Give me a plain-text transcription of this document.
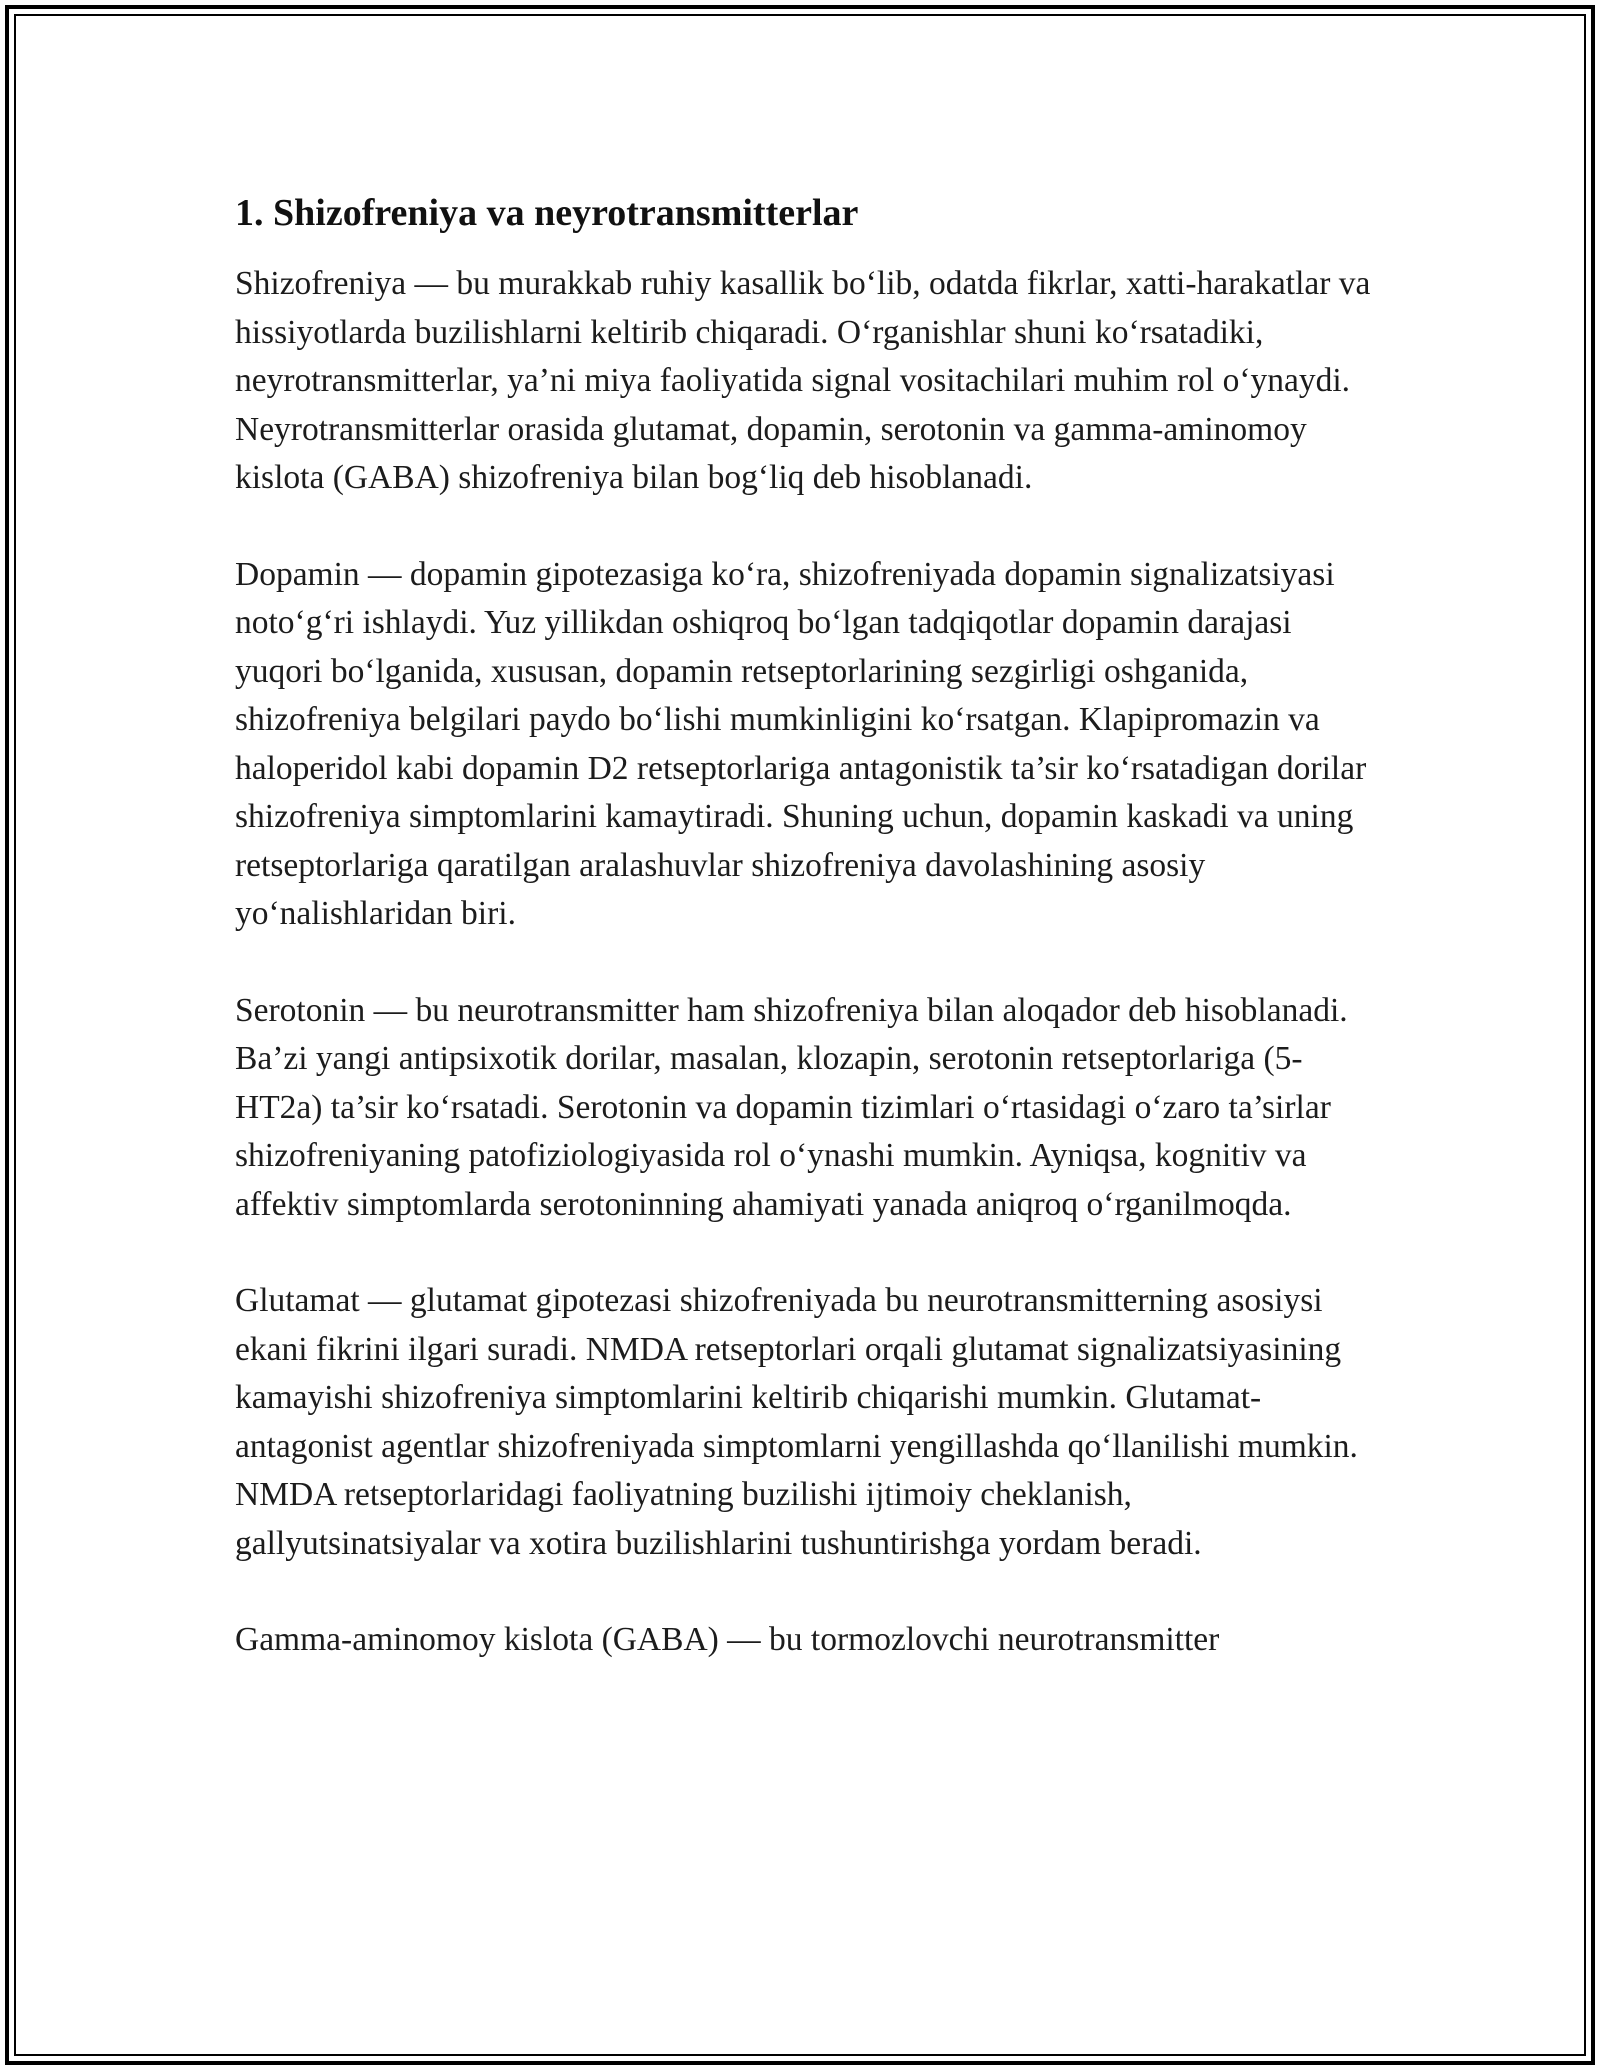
1. Shizofreniya va neyrotransmitterlar

Shizofreniya — bu murakkab ruhiy kasallik bo‘lib, odatda fikrlar, xatti-harakatlar va hissiyotlarda buzilishlarni keltirib chiqaradi. O‘rganishlar shuni ko‘rsatadiki, neyrotransmitterlar, ya’ni miya faoliyatida signal vositachilari muhim rol o‘ynaydi. Neyrotransmitterlar orasida glutamat, dopamin, serotonin va gamma-aminomoy kislota (GABA) shizofreniya bilan bog‘liq deb hisoblanadi.

Dopamin — dopamin gipotezasiga ko‘ra, shizofreniyada dopamin signalizatsiyasi noto‘g‘ri ishlaydi. Yuz yillikdan oshiqroq bo‘lgan tadqiqotlar dopamin darajasi yuqori bo‘lganida, xususan, dopamin retseptorlarining sezgirligi oshganida, shizofreniya belgilari paydo bo‘lishi mumkinligini ko‘rsatgan. Klapipromazin va haloperidol kabi dopamin D2 retseptorlariga antagonistik ta’sir ko‘rsatadigan dorilar shizofreniya simptomlarini kamaytiradi. Shuning uchun, dopamin kaskadi va uning retseptorlariga qaratilgan aralashuvlar shizofreniya davolashining asosiy yo‘nalishlaridan biri.

Serotonin — bu neurotransmitter ham shizofreniya bilan aloqador deb hisoblanadi. Ba’zi yangi antipsixotik dorilar, masalan, klozapin, serotonin retseptorlariga (5-HT2a) ta’sir ko‘rsatadi. Serotonin va dopamin tizimlari o‘rtasidagi o‘zaro ta’sirlar shizofreniyaning patofiziologiyasida rol o‘ynashi mumkin. Ayniqsa, kognitiv va affektiv simptomlarda serotoninning ahamiyati yanada aniqroq o‘rganilmoqda.

Glutamat — glutamat gipotezasi shizofreniyada bu neurotransmitterning asosiysi ekani fikrini ilgari suradi. NMDA retseptorlari orqali glutamat signalizatsiyasining kamayishi shizofreniya simptomlarini keltirib chiqarishi mumkin. Glutamat-antagonist agentlar shizofreniyada simptomlarni yengillashda qo‘llanilishi mumkin. NMDA retseptorlaridagi faoliyatning buzilishi ijtimoiy cheklanish, gallyutsinatsiyalar va xotira buzilishlarini tushuntirishga yordam beradi.

Gamma-aminomoy kislota (GABA) — bu tormozlovchi neurotransmitter
